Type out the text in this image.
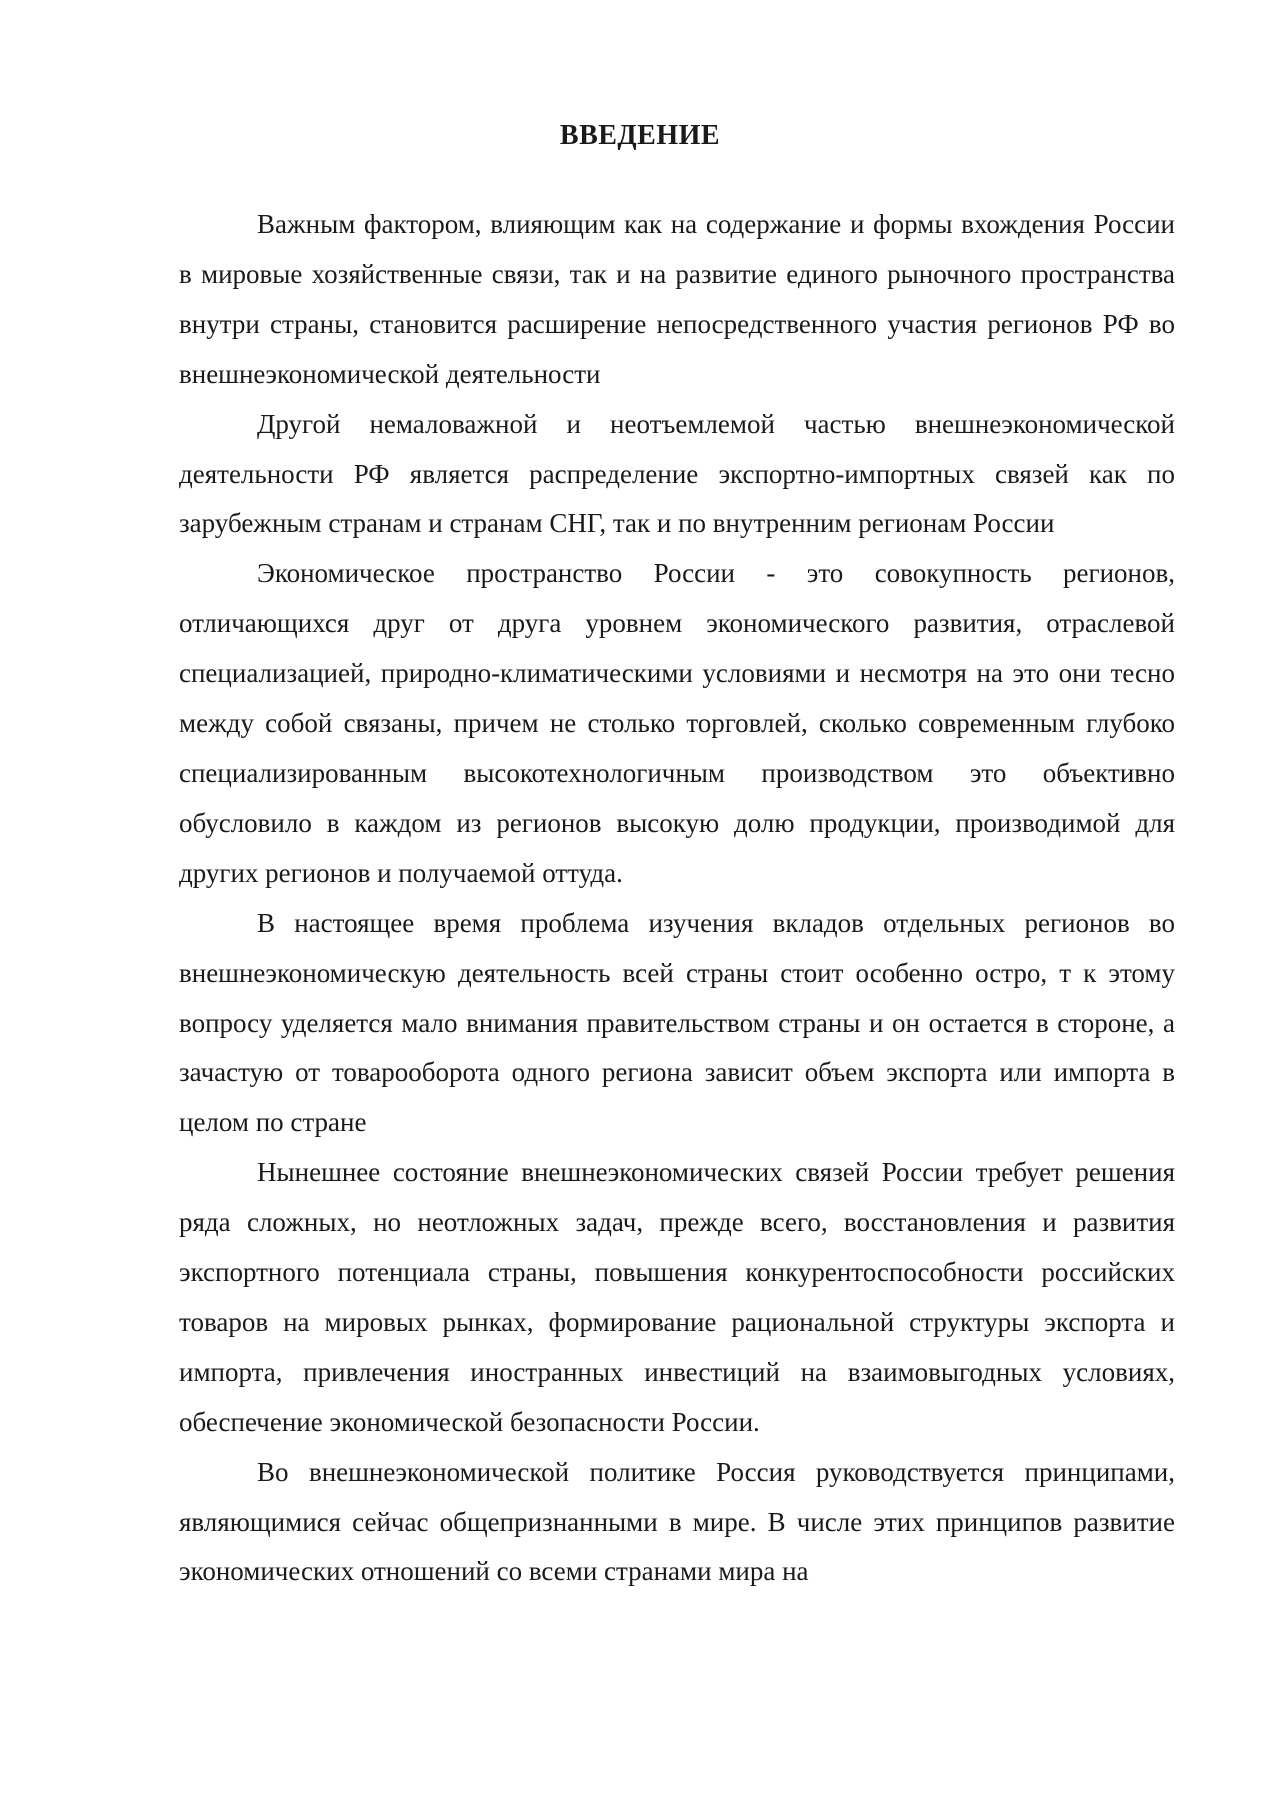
ВВЕДЕНИЕ

Важным фактором, влияющим как на содержание и формы вхождения России в мировые хозяйственные связи, так и на развитие единого рыночного пространства внутри страны, становится расширение непосредственного участия регионов РФ во внешнеэкономической деятельности

Другой немаловажной и неотъемлемой частью внешнеэкономической деятельности РФ является распределение экспортно-импортных связей как по зарубежным странам и странам СНГ, так и по внутренним регионам России

Экономическое пространство России - это совокупность регионов, отличающихся друг от друга уровнем экономического развития, отраслевой специализацией, природно-климатическими условиями и несмотря на это они тесно между собой связаны, причем не столько торговлей, сколько современным глубоко специализированным высокотехнологичным производством это объективно обусловило в каждом из регионов высокую долю продукции, производимой для других регионов и получаемой оттуда.

В настоящее время проблема изучения вкладов отдельных регионов во внешнеэкономическую деятельность всей страны стоит особенно остро, т к этому вопросу уделяется мало внимания правительством страны и он остается в стороне, а зачастую от товарооборота одного региона зависит объем экспорта или импорта в целом по стране

Нынешнее состояние внешнеэкономических связей России требует решения ряда сложных, но неотложных задач, прежде всего, восстановления и развития экспортного потенциала страны, повышения конкурентоспособности российских товаров на мировых рынках, формирование рациональной структуры экспорта и импорта, привлечения иностранных инвестиций на взаимовыгодных условиях, обеспечение экономической безопасности России.

Во внешнеэкономической политике Россия руководствуется принципами, являющимися сейчас общепризнанными в мире. В числе этих принципов развитие экономических отношений со всеми странами мира на
